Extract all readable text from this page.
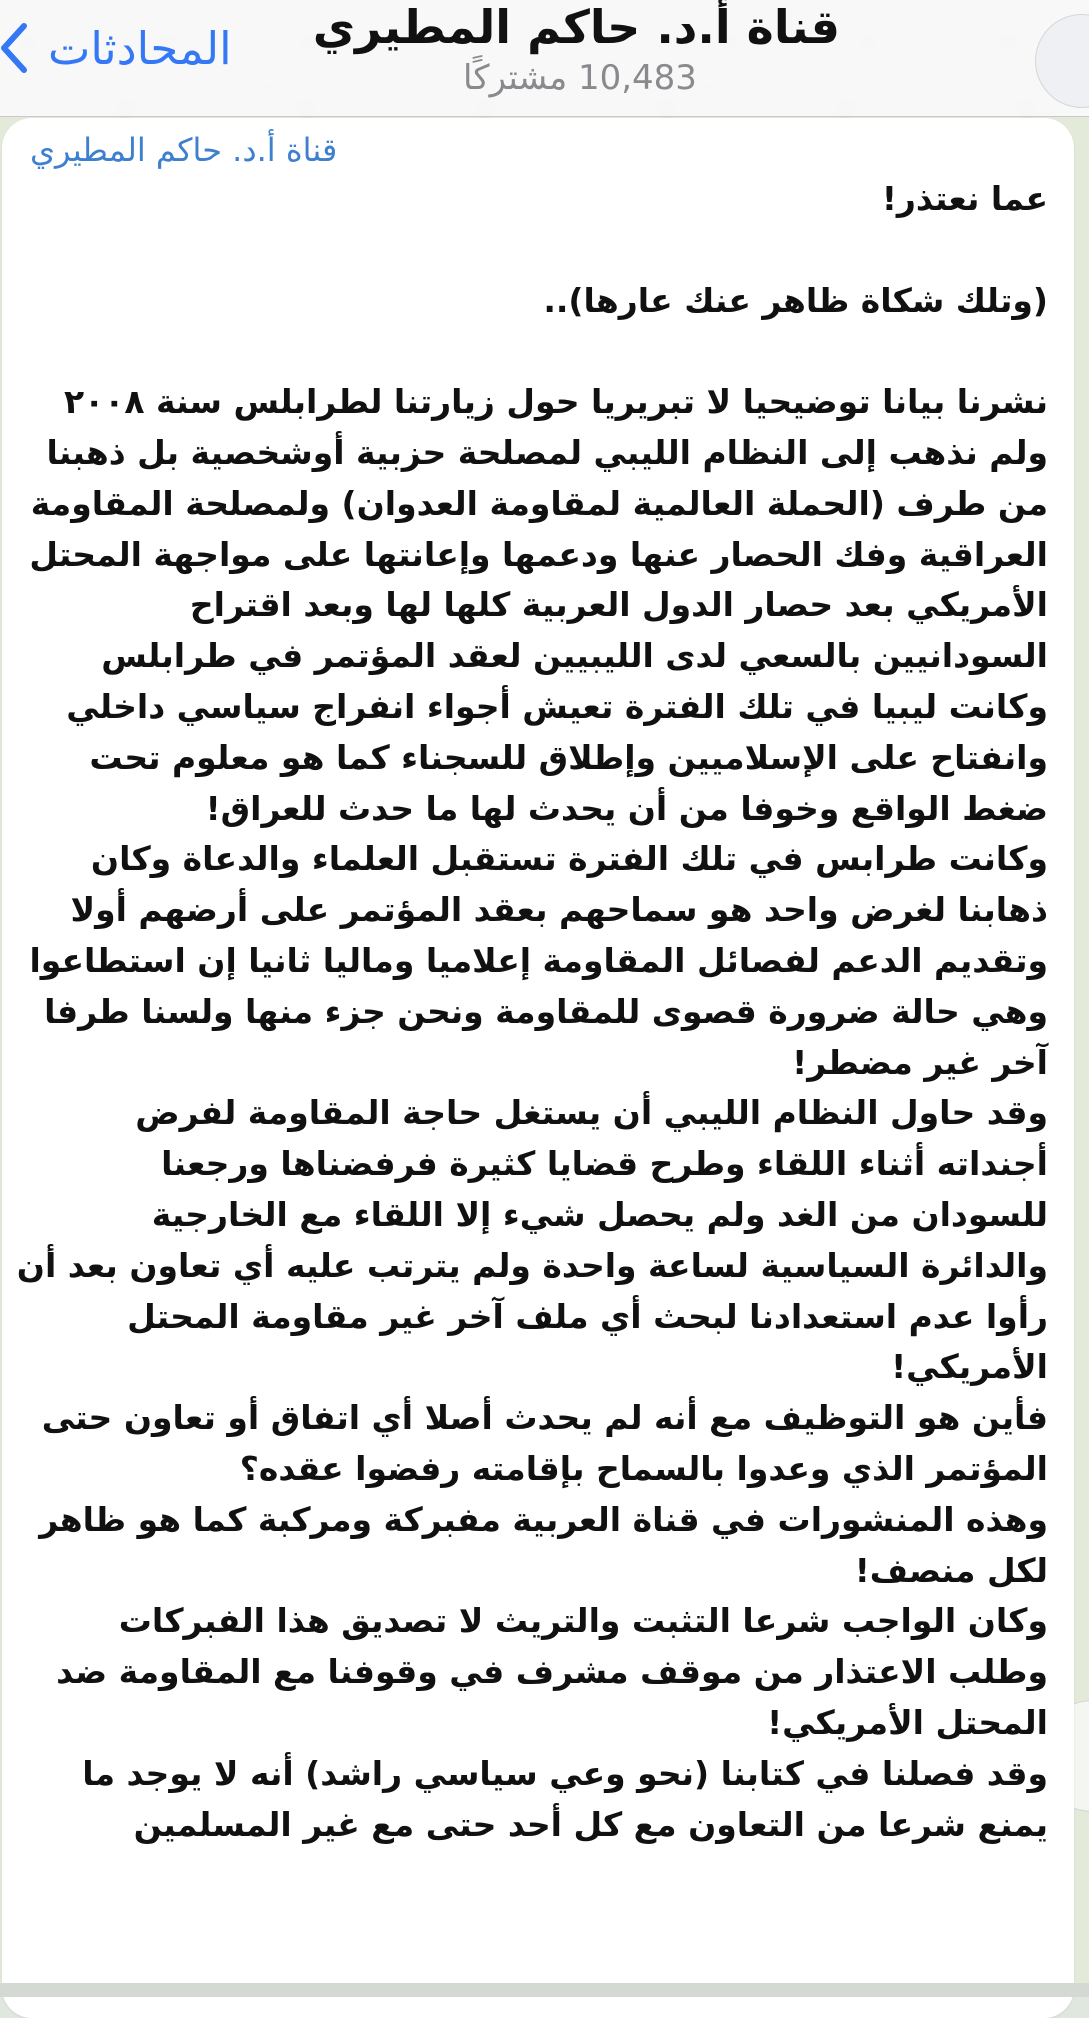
المحادثات قناة أ.د. حاكم المطيري
10,483 مشتركًا
قناة أ.د. حاكم المطيري

عما نعتذر!

(وتلك شكاة ظاهر عنك عارها)..

نشرنا بيانا توضيحيا لا تبريريا حول زيارتنا لطرابلس سنة ٢٠٠٨

ولم نذهب إلى النظام الليبي لمصلحة حزبية أوشخصية بل ذهبنا من طرف (الحملة العالمية لمقاومة العدوان) ولمصلحة المقاومة العراقية وفك الحصار عنها ودعمها وإعانتها على مواجهة المحتل الأمريكي بعد حصار الدول العربية كلها لها وبعد اقتراح السودانيين بالسعي لدى الليبيين لعقد المؤتمر في طرابلس وكانت ليبيا في تلك الفترة تعيش أجواء انفراج سياسي داخلي وانفتاح على الإسلاميين وإطلاق للسجناء كما هو معلوم تحت ضغط الواقع وخوفا من أن يحدث لها ما حدث للعراق!

وكانت طرابس في تلك الفترة تستقبل العلماء والدعاة وكان ذهابنا لغرض واحد هو سماحهم بعقد المؤتمر على أرضهم أولا وتقديم الدعم لفصائل المقاومة إعلاميا وماليا ثانيا إن استطاعوا

وهي حالة ضرورة قصوى للمقاومة ونحن جزء منها ولسنا طرفا آخر غير مضطر!

وقد حاول النظام الليبي أن يستغل حاجة المقاومة لفرض أجنداته أثناء اللقاء وطرح قضايا كثيرة فرفضناها ورجعنا للسودان من الغد ولم يحصل شيء إلا اللقاء مع الخارجية والدائرة السياسية لساعة واحدة ولم يترتب عليه أي تعاون بعد أن رأوا عدم استعدادنا لبحث أي ملف آخر غير مقاومة المحتل الأمريكي!

فأين هو التوظيف مع أنه لم يحدث أصلا أي اتفاق أو تعاون حتى المؤتمر الذي وعدوا بالسماح بإقامته رفضوا عقده؟

وهذه المنشورات في قناة العربية مفبركة ومركبة كما هو ظاهر لكل منصف!

وكان الواجب شرعا التثبت والتريث لا تصديق هذا الفبركات وطلب الاعتذار من موقف مشرف في وقوفنا مع المقاومة ضد المحتل الأمريكي!

وقد فصلنا في كتابنا (نحو وعي سياسي راشد) أنه لا يوجد ما يمنع شرعا من التعاون مع كل أحد حتى مع غير المسلمين
